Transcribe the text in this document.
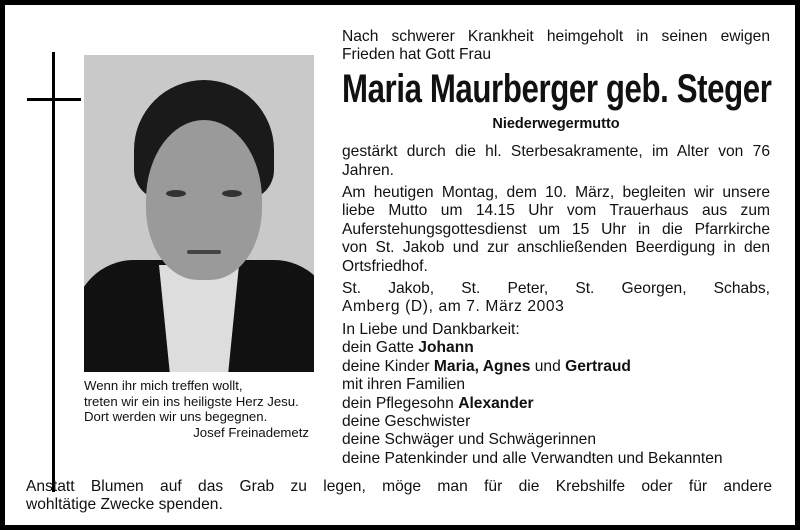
Wenn ihr mich treffen wollt,
treten wir ein ins heiligste Herz Jesu.
Dort werden wir uns begegnen.
Josef Freinademetz
Nach schwerer Krankheit heimgeholt in seinen ewigen
Frieden hat Gott Frau
Maria Maurberger geb. Steger
Niederwegermutto
gestärkt durch die hl. Sterbesakramente, im Alter von 76
Jahren.
Am heutigen Montag, dem 10. März, begleiten wir unsere
liebe Mutto um 14.15 Uhr vom Trauerhaus aus zum
Auferstehungsgottesdienst um 15 Uhr in die Pfarrkirche
von St. Jakob und zur anschließenden Beerdigung in den
Ortsfriedhof.
St. Jakob, St. Peter, St. Georgen, Schabs,
Amberg (D), am 7. März 2003
In Liebe und Dankbarkeit:
dein Gatte Johann
deine Kinder Maria, Agnes und Gertraud
mit ihren Familien
dein Pflegesohn Alexander
deine Geschwister
deine Schwäger und Schwägerinnen
deine Patenkinder und alle Verwandten und Bekannten
Anstatt Blumen auf das Grab zu legen, möge man für die Krebshilfe oder für andere
wohltätige Zwecke spenden.
